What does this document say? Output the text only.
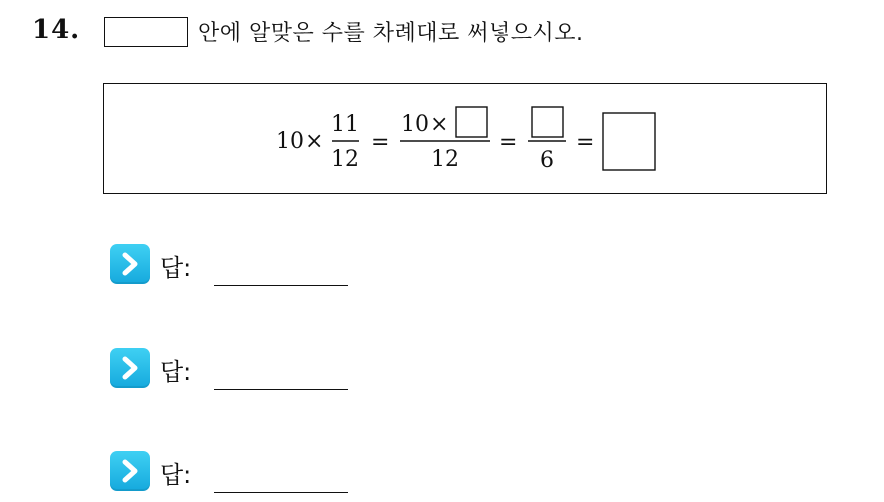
14.	안에 알맞은 수를 차례대로 써넣으시오.
10 ×
11
12
=
10 ×
12
=
6
=
답:
답:
답:
